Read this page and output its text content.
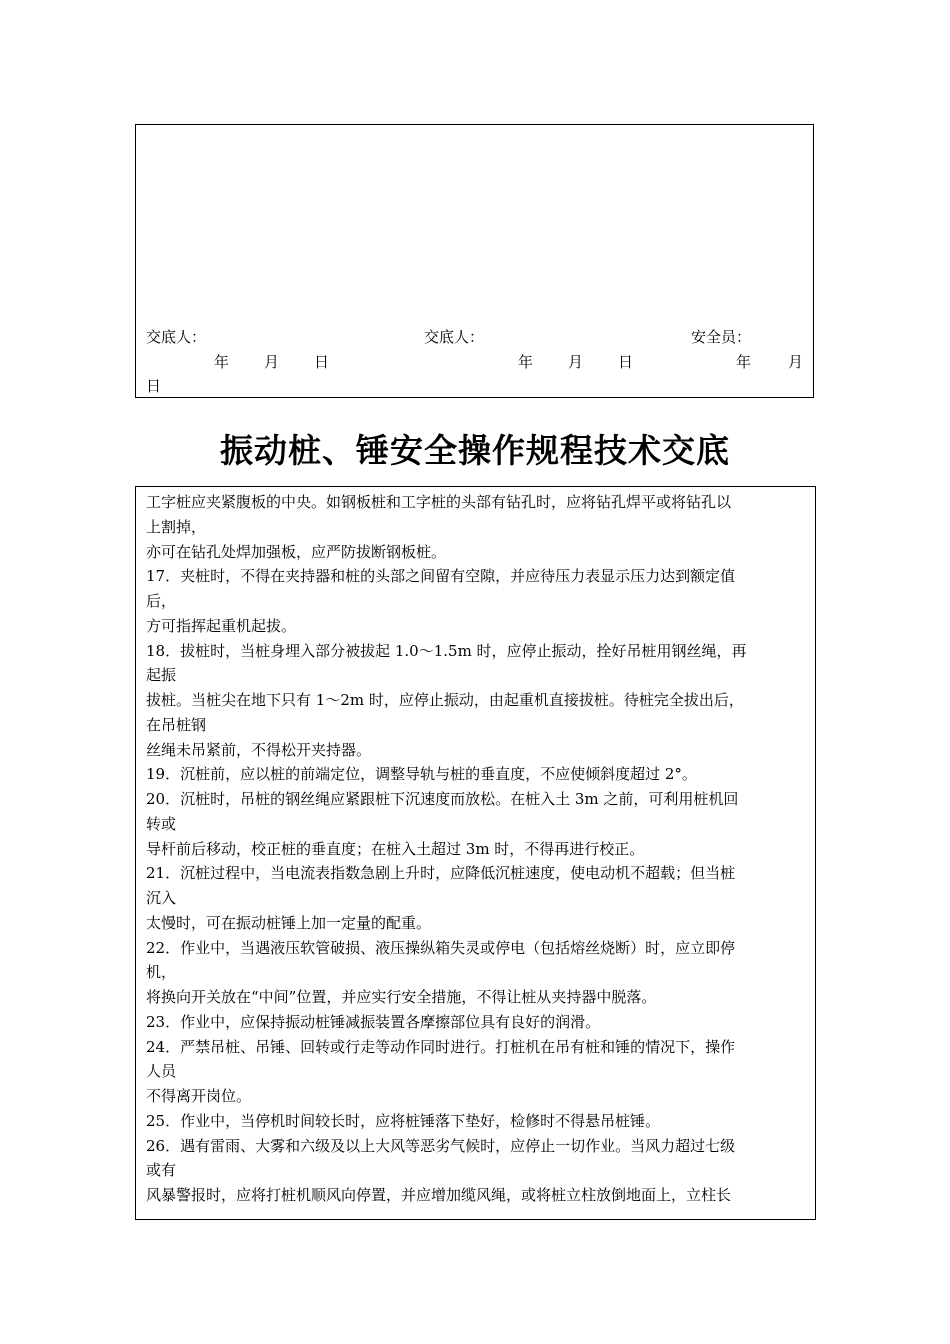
交底人：	交底人：	安全员：
年 月 日	年 月 日	年 月
日
振动桩、锤安全操作规程技术交底
工字桩应夹紧腹板的中央。如钢板桩和工字桩的头部有钻孔时，应将钻孔焊平或将钻孔以
上割掉，
亦可在钻孔处焊加强板，应严防拔断钢板桩。
17．夹桩时，不得在夹持器和桩的头部之间留有空隙，并应待压力表显示压力达到额定值
后，
方可指挥起重机起拔。
18．拔桩时，当桩身埋入部分被拔起 1.0～1.5m 时，应停止振动，拴好吊桩用钢丝绳，再
起振
拔桩。当桩尖在地下只有 1～2m 时，应停止振动，由起重机直接拔桩。待桩完全拔出后，
在吊桩钢
丝绳未吊紧前，不得松开夹持器。
19．沉桩前，应以桩的前端定位，调整导轨与桩的垂直度，不应使倾斜度超过 2°。
20．沉桩时，吊桩的钢丝绳应紧跟桩下沉速度而放松。在桩入土 3m 之前，可利用桩机回
转或
导杆前后移动，校正桩的垂直度；在桩入土超过 3m 时，不得再进行校正。
21．沉桩过程中，当电流表指数急剧上升时，应降低沉桩速度，使电动机不超载；但当桩
沉入
太慢时，可在振动桩锤上加一定量的配重。
22．作业中，当遇液压软管破损、液压操纵箱失灵或停电（包括熔丝烧断）时，应立即停
机，
将换向开关放在“中间”位置，并应实行安全措施，不得让桩从夹持器中脱落。
23．作业中，应保持振动桩锤减振装置各摩擦部位具有良好的润滑。
24．严禁吊桩、吊锤、回转或行走等动作同时进行。打桩机在吊有桩和锤的情况下，操作
人员
不得离开岗位。
25．作业中，当停机时间较长时，应将桩锤落下垫好，检修时不得悬吊桩锤。
26．遇有雷雨、大雾和六级及以上大风等恶劣气候时，应停止一切作业。当风力超过七级
或有
风暴警报时，应将打桩机顺风向停置，并应增加缆风绳，或将桩立柱放倒地面上，立柱长
